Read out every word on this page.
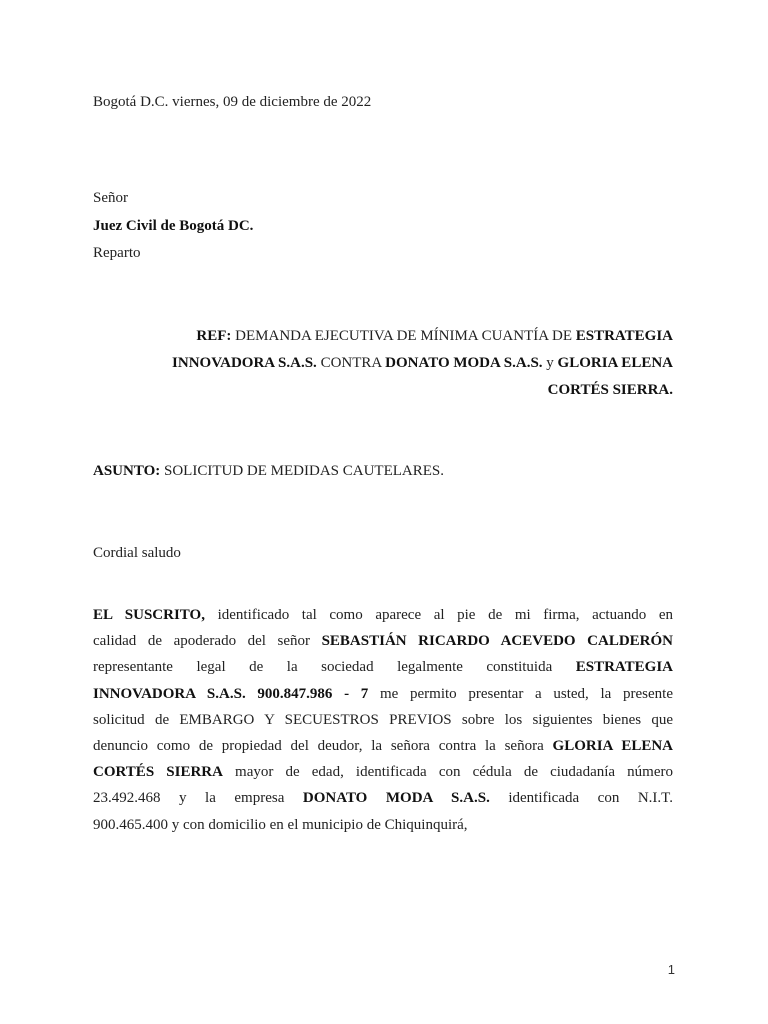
Bogotá D.C. viernes, 09 de diciembre de 2022
Señor
Juez Civil de Bogotá DC.
Reparto
REF: DEMANDA EJECUTIVA DE MÍNIMA CUANTÍA DE ESTRATEGIA
INNOVADORA S.A.S. CONTRA DONATO MODA S.A.S. y GLORIA ELENA
CORTÉS SIERRA.
ASUNTO: SOLICITUD DE MEDIDAS CAUTELARES.
Cordial saludo
EL SUSCRITO, identificado tal como aparece al pie de mi firma, actuando en
calidad de apoderado del señor SEBASTIÁN RICARDO ACEVEDO CALDERÓN
representante legal de la sociedad legalmente constituida ESTRATEGIA
INNOVADORA S.A.S. 900.847.986 - 7 me permito presentar a usted, la presente
solicitud de EMBARGO Y SECUESTROS PREVIOS sobre los siguientes bienes que
denuncio como de propiedad del deudor, la señora contra la señora GLORIA ELENA
CORTÉS SIERRA mayor de edad, identificada con cédula de ciudadanía número
23.492.468 y la empresa DONATO MODA S.A.S. identificada con N.I.T.
900.465.400 y con domicilio en el municipio de Chiquinquirá,
1
